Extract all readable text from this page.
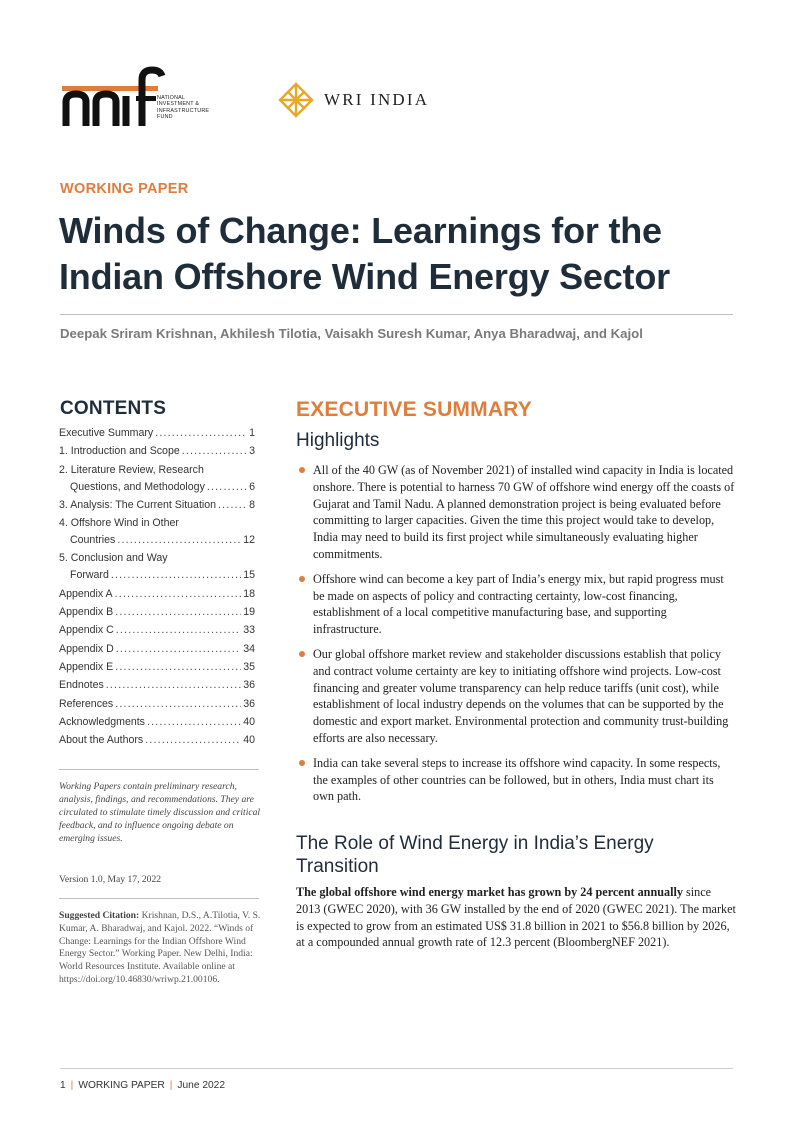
NATIONAL
INVESTMENT &
INFRASTRUCTURE
FUND
WRI INDIA
WORKING PAPER
Winds of Change: Learnings for the Indian Offshore Wind Energy Sector
Deepak Sriram Krishnan, Akhilesh Tilotia, Vaisakh Suresh Kumar, Anya Bharadwaj, and Kajol
CONTENTS
Executive Summary .....	1
1. Introduction and Scope .....	3
2. Literature Review, Research
Questions, and Methodology .....	6
3. Analysis: The Current Situation .....	8
4. Offshore Wind in Other
Countries .....	12
5. Conclusion and Way
Forward .....	15
Appendix A .....	18
Appendix B .....	19
Appendix C .....	33
Appendix D .....	34
Appendix E .....	35
Endnotes .....	36
References .....	36
Acknowledgments .....	40
About the Authors .....	40
Working Papers contain preliminary research, analysis, findings, and recommendations. They are circulated to stimulate timely discussion and critical feedback, and to influence ongoing debate on emerging issues.
Version 1.0, May 17, 2022
Suggested Citation: Krishnan, D.S., A.Tilotia, V. S. Kumar, A. Bharadwaj, and Kajol. 2022. “Winds of Change: Learnings for the Indian Offshore Wind Energy Sector.” Working Paper. New Delhi, India: World Resources Institute. Available online at https://doi.org/10.46830/wriwp.21.00106.
EXECUTIVE SUMMARY
Highlights
All of the 40 GW (as of November 2021) of installed wind capacity in India is located onshore. There is potential to harness 70 GW of offshore wind energy off the coasts of Gujarat and Tamil Nadu. A planned demonstration project is being evaluated before committing to larger capacities. Given the time this project would take to develop, India may need to build its first project while simultaneously evaluating higher commitments.
Offshore wind can become a key part of India’s energy mix, but rapid progress must be made on aspects of policy and contracting certainty, low-cost financing, establishment of a local competitive manufacturing base, and supporting infrastructure.
Our global offshore market review and stakeholder discussions establish that policy and contract volume certainty are key to initiating offshore wind projects. Low-cost financing and greater volume transparency can help reduce tariffs (unit cost), while establishment of local industry depends on the volumes that can be supported by the domestic and export market. Environmental protection and community trust-building efforts are also necessary.
India can take several steps to increase its offshore wind capacity. In some respects, the examples of other countries can be followed, but in others, India must chart its own path.
The Role of Wind Energy in India’s Energy Transition

The global offshore wind energy market has grown by 24 percent annually since 2013 (GWEC 2020), with 36 GW installed by the end of 2020 (GWEC 2021). The market is expected to grow from an estimated US$ 31.8 billion in 2021 to $56.8 billion by 2026, at a compounded annual growth rate of 12.3 percent (BloombergNEF 2021).

1 | WORKING PAPER | June 2022
